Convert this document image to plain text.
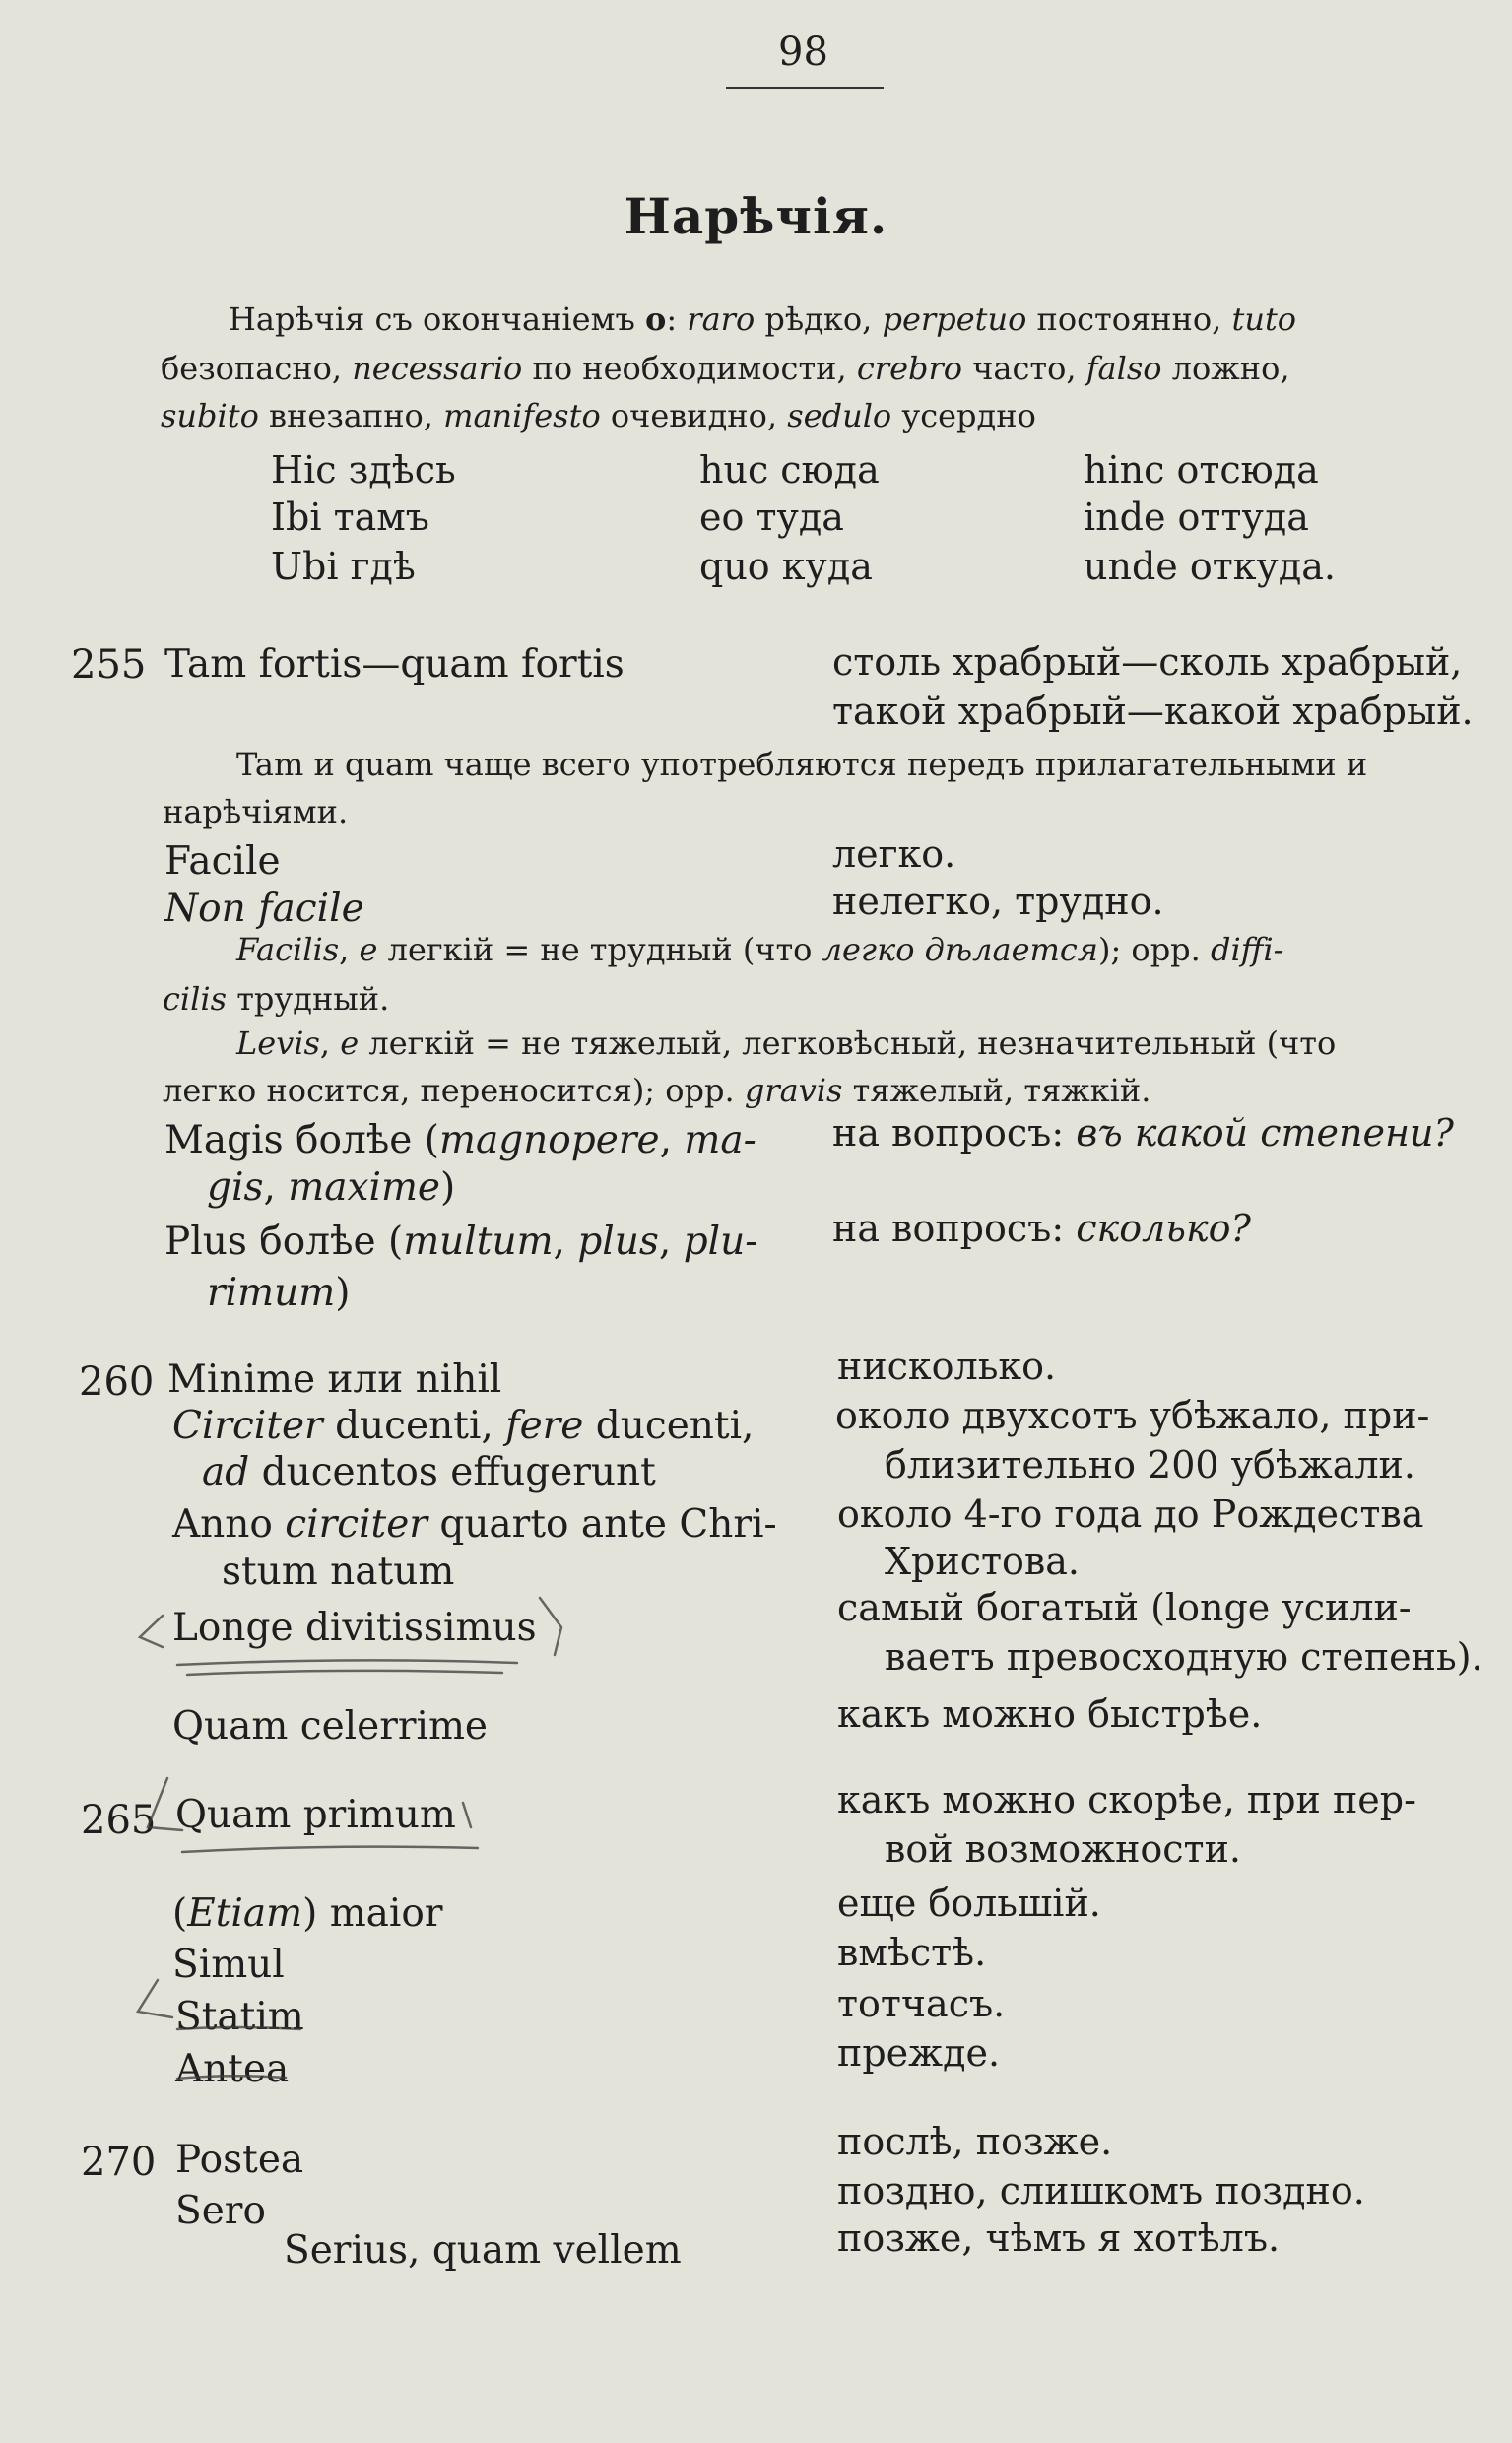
98
Нарѣчія.
Нарѣчія съ окончаніемъ o: raro рѣдко, perpetuo постоянно, tuto
безопасно, necessario по необходимости, crebro часто, falso ложно,
subito внезапно, manifesto очевидно, sedulo усердно
Hic здѣсь	huc сюда	hinc отсюда
Ibi тамъ	eo туда	inde оттуда
Ubi гдѣ	quo куда	unde откуда.
255 Tam fortis—quam fortis	столь храбрый—сколь храбрый,
такой храбрый—какой храбрый.
Tam и quam чаще всего употребляются передъ прилагательными и
нарѣчіями.
Facile	легко.
Non facile	нелегко, трудно.
Facilis, e легкій = не трудный (что легко дѣлается); орр. diffi-
cilis трудный.
Levis, e легкій = не тяжелый, легковѣсный, незначительный (что
легко носится, переносится); орр. gravis тяжелый, тяжкій.
Magis болѣе (magnopere, ma-
gis, maxime)
на вопросъ: въ какой степени?
Plus болѣе (multum, plus, plu-
rimum)
на вопросъ: сколько?
260 Minime или nihil	нисколько.
Circiter ducenti, fere ducenti,
ad ducentos effugerunt
около двухсотъ убѣжало, при-
близительно 200 убѣжали.
Anno circiter quarto ante Chri-
stum natum
около 4-го года до Рождества
Христова.
Longe divitissimus	самый богатый (longe усили-
ваетъ превосходную степень).
Quam celerrime	какъ можно быстрѣе.
265 Quam primum	какъ можно скорѣе, при пер-
вой возможности.
(Etiam) maior	еще большій.
Simul	вмѣстѣ.
Statim	тотчасъ.
Antea	прежде.
270 Postea	послѣ, позже.
Sero	поздно, слишкомъ поздно.
Serius, quam vellem	позже, чѣмъ я хотѣлъ.
